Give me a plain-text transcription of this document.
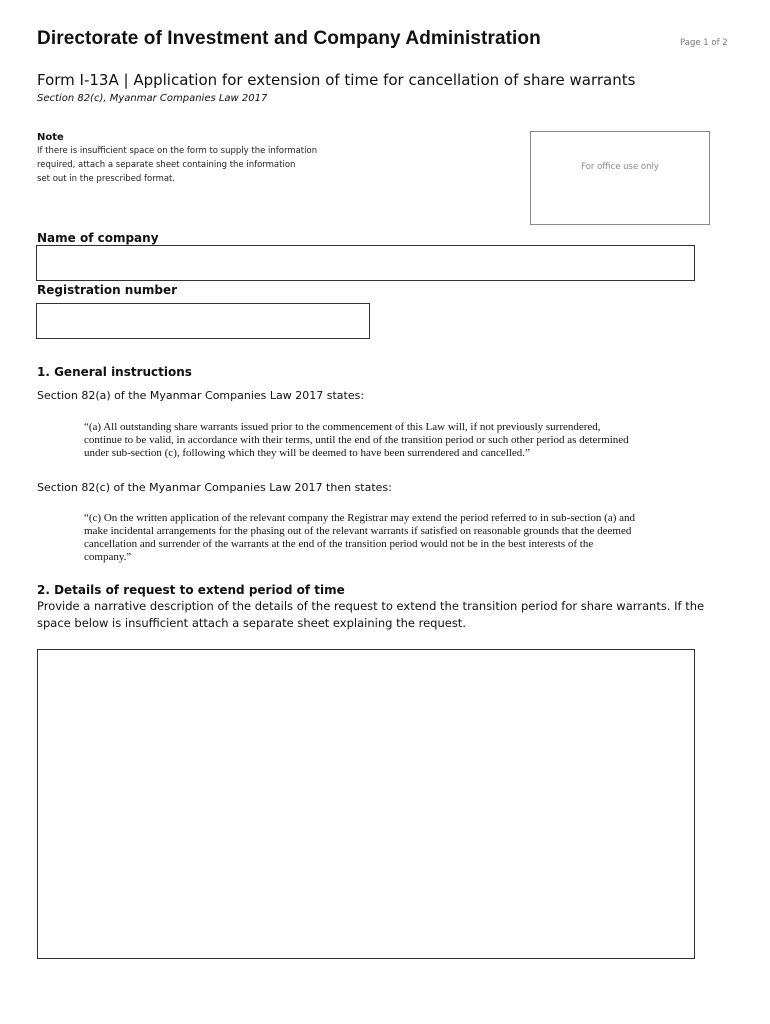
Directorate of Investment and Company Administration	Page 1 of 2
Form I-13A | Application for extension of time for cancellation of share warrants
Section 82(c), Myanmar Companies Law 2017
Note
If there is insufficient space on the form to supply the information
required, attach a separate sheet containing the information
set out in the prescribed format.
For office use only
Name of company
Registration number
1. General instructions
Section 82(a) of the Myanmar Companies Law 2017 states:
“(a) All outstanding share warrants issued prior to the commencement of this Law will, if not previously surrendered,
continue to be valid, in accordance with their terms, until the end of the transition period or such other period as determined
under sub-section (c), following which they will be deemed to have been surrendered and cancelled.”
Section 82(c) of the Myanmar Companies Law 2017 then states:
“(c) On the written application of the relevant company the Registrar may extend the period referred to in sub-section (a) and
make incidental arrangements for the phasing out of the relevant warrants if satisfied on reasonable grounds that the deemed
cancellation and surrender of the warrants at the end of the transition period would not be in the best interests of the
company.”
2. Details of request to extend period of time
Provide a narrative description of the details of the request to extend the transition period for share warrants. If the
space below is insufficient attach a separate sheet explaining the request.
